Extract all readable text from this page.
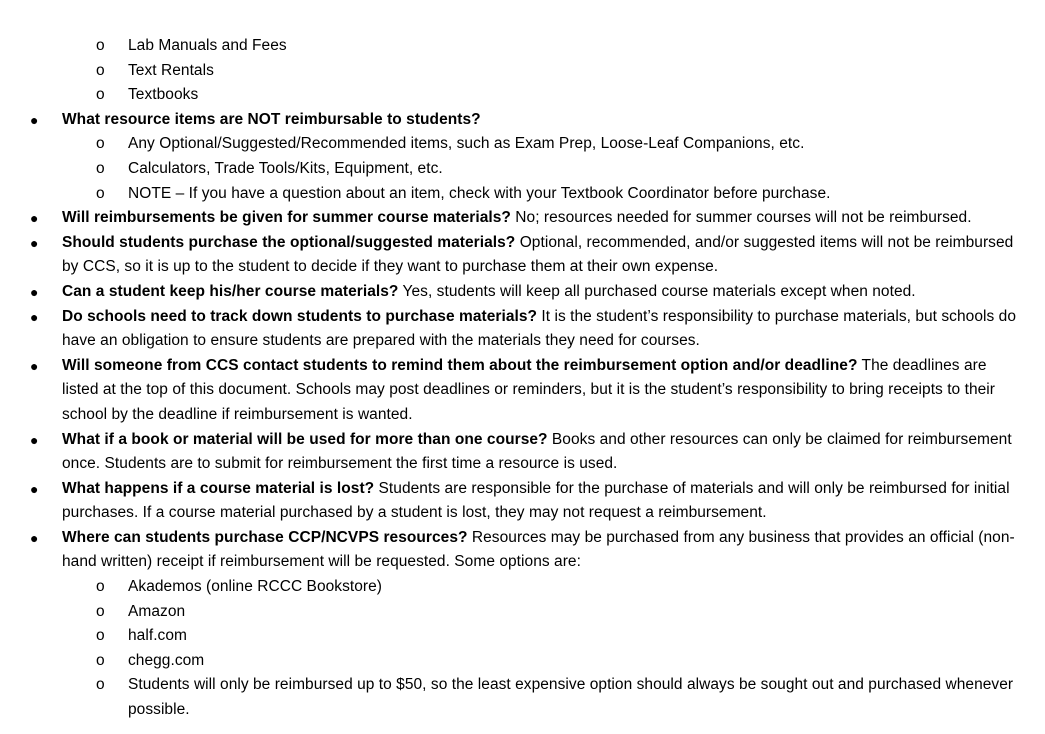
o Lab Manuals and Fees
o Text Rentals
o Textbooks
● What resource items are NOT reimbursable to students?
o Any Optional/Suggested/Recommended items, such as Exam Prep, Loose-Leaf Companions, etc.
o Calculators, Trade Tools/Kits, Equipment, etc.
o NOTE – If you have a question about an item, check with your Textbook Coordinator before purchase.
● Will reimbursements be given for summer course materials? No; resources needed for summer courses will not be reimbursed.
● Should students purchase the optional/suggested materials? Optional, recommended, and/or suggested items will not be reimbursed by CCS, so it is up to the student to decide if they want to purchase them at their own expense.
● Can a student keep his/her course materials? Yes, students will keep all purchased course materials except when noted.
● Do schools need to track down students to purchase materials? It is the student’s responsibility to purchase materials, but schools do have an obligation to ensure students are prepared with the materials they need for courses.
● Will someone from CCS contact students to remind them about the reimbursement option and/or deadline? The deadlines are listed at the top of this document. Schools may post deadlines or reminders, but it is the student’s responsibility to bring receipts to their school by the deadline if reimbursement is wanted.
● What if a book or material will be used for more than one course? Books and other resources can only be claimed for reimbursement once. Students are to submit for reimbursement the first time a resource is used.
● What happens if a course material is lost? Students are responsible for the purchase of materials and will only be reimbursed for initial purchases. If a course material purchased by a student is lost, they may not request a reimbursement.
● Where can students purchase CCP/NCVPS resources? Resources may be purchased from any business that provides an official (non-hand written) receipt if reimbursement will be requested. Some options are:
o Akademos (online RCCC Bookstore)
o Amazon
o half.com
o chegg.com
o Students will only be reimbursed up to $50, so the least expensive option should always be sought out and purchased whenever possible.
